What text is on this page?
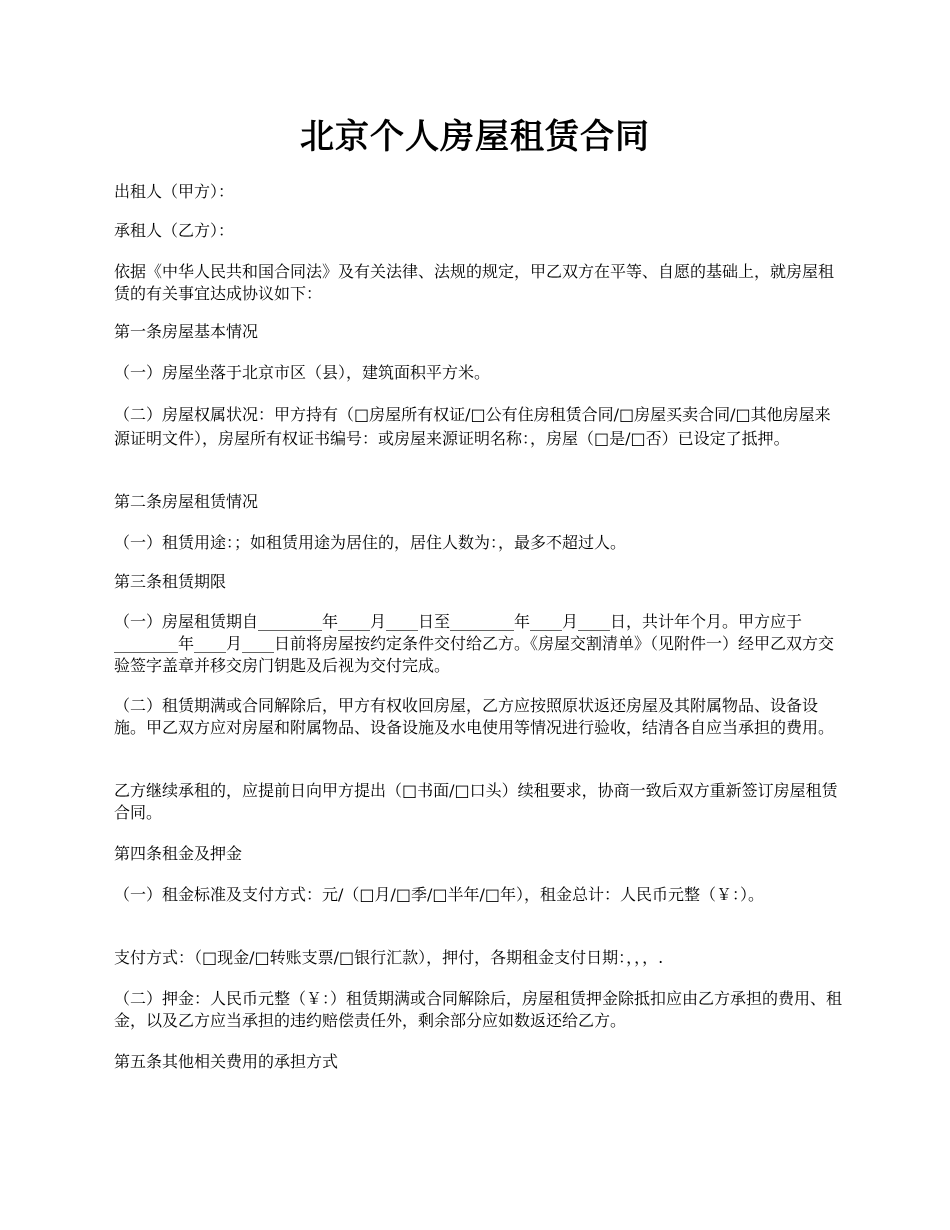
北京个人房屋租赁合同

出租人（甲方）：

承租人（乙方）：

依据《中华人民共和国合同法》及有关法律、法规的规定，甲乙双方在平等、自愿的基础上，就房屋租赁的有关事宜达成协议如下：

第一条房屋基本情况

（一）房屋坐落于北京市区（县），建筑面积平方米。

（二）房屋权属状况：甲方持有（□房屋所有权证/□公有住房租赁合同/□房屋买卖合同/□其他房屋来源证明文件），房屋所有权证书编号：或房屋来源证明名称：，房屋（□是/□否）已设定了抵押。

第二条房屋租赁情况

（一）租赁用途：；如租赁用途为居住的，居住人数为：，最多不超过人。

第三条租赁期限

（一）房屋租赁期自________年____月____日至________年____月____日，共计年个月。甲方应于________年____月____日前将房屋按约定条件交付给乙方。《房屋交割清单》（见附件一）经甲乙双方交验签字盖章并移交房门钥匙及后视为交付完成。

（二）租赁期满或合同解除后，甲方有权收回房屋，乙方应按照原状返还房屋及其附属物品、设备设施。甲乙双方应对房屋和附属物品、设备设施及水电使用等情况进行验收，结清各自应当承担的费用。

乙方继续承租的，应提前日向甲方提出（□书面/□口头）续租要求，协商一致后双方重新签订房屋租赁合同。

第四条租金及押金

（一）租金标准及支付方式：元/（□月/□季/□半年/□年），租金总计：人民币元整（￥：）。

支付方式：（□现金/□转账支票/□银行汇款），押付，各期租金支付日期：，，，.

（二）押金：人民币元整（￥：）租赁期满或合同解除后，房屋租赁押金除抵扣应由乙方承担的费用、租金，以及乙方应当承担的违约赔偿责任外，剩余部分应如数返还给乙方。

第五条其他相关费用的承担方式
